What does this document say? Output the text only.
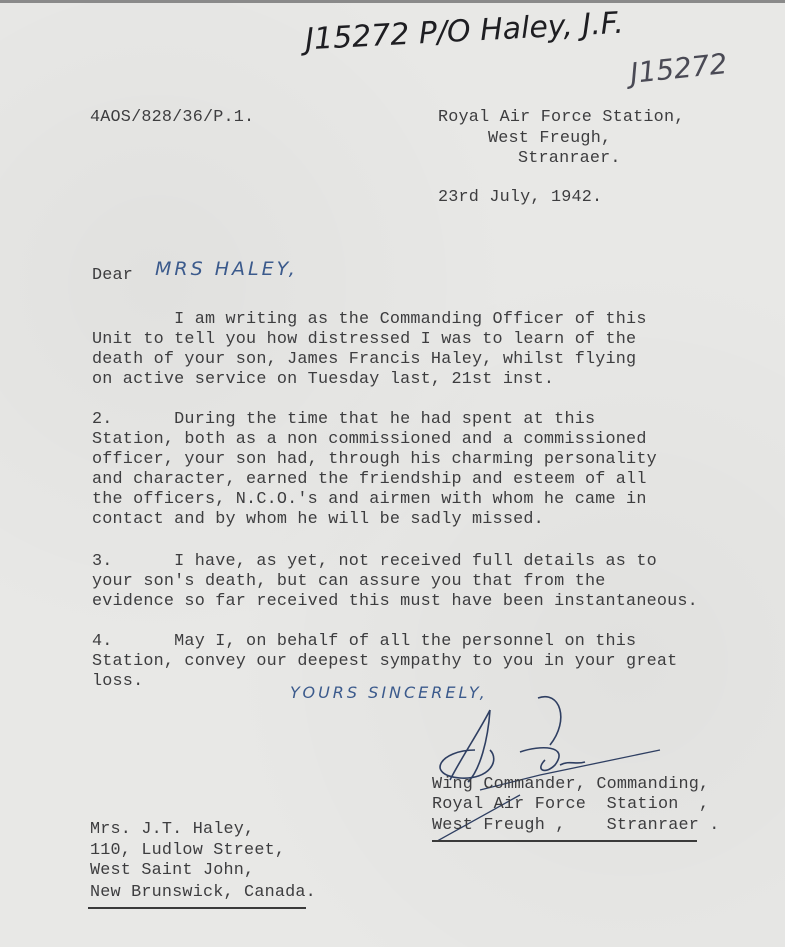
J15272 P/O Haley, J.F.
J15272
4AOS/828/36/P.1.	Royal Air Force Station,
West Freugh,
Stranraer.
23rd July, 1942.
Dear MRS HALEY,
I am writing as the Commanding Officer of this
Unit to tell you how distressed I was to learn of the
death of your son, James Francis Haley, whilst flying
on active service on Tuesday last, 21st inst.
2.      During the time that he had spent at this
Station, both as a non commissioned and a commissioned
officer, your son had, through his charming personality
and character, earned the friendship and esteem of all
the officers, N.C.O.'s and airmen with whom he came in
contact and by whom he will be sadly missed.
3.      I have, as yet, not received full details as to
your son's death, but can assure you that from the
evidence so far received this must have been instantaneous.
4.      May I, on behalf of all the personnel on this
Station, convey our deepest sympathy to you in your great
loss.
YOURS SINCERELY,
Wing Commander, Commanding,
Royal Air Force  Station  ,
West Freugh ,    Stranraer .
Mrs. J.T. Haley,
110, Ludlow Street,
West Saint John,
New Brunswick, Canada.
